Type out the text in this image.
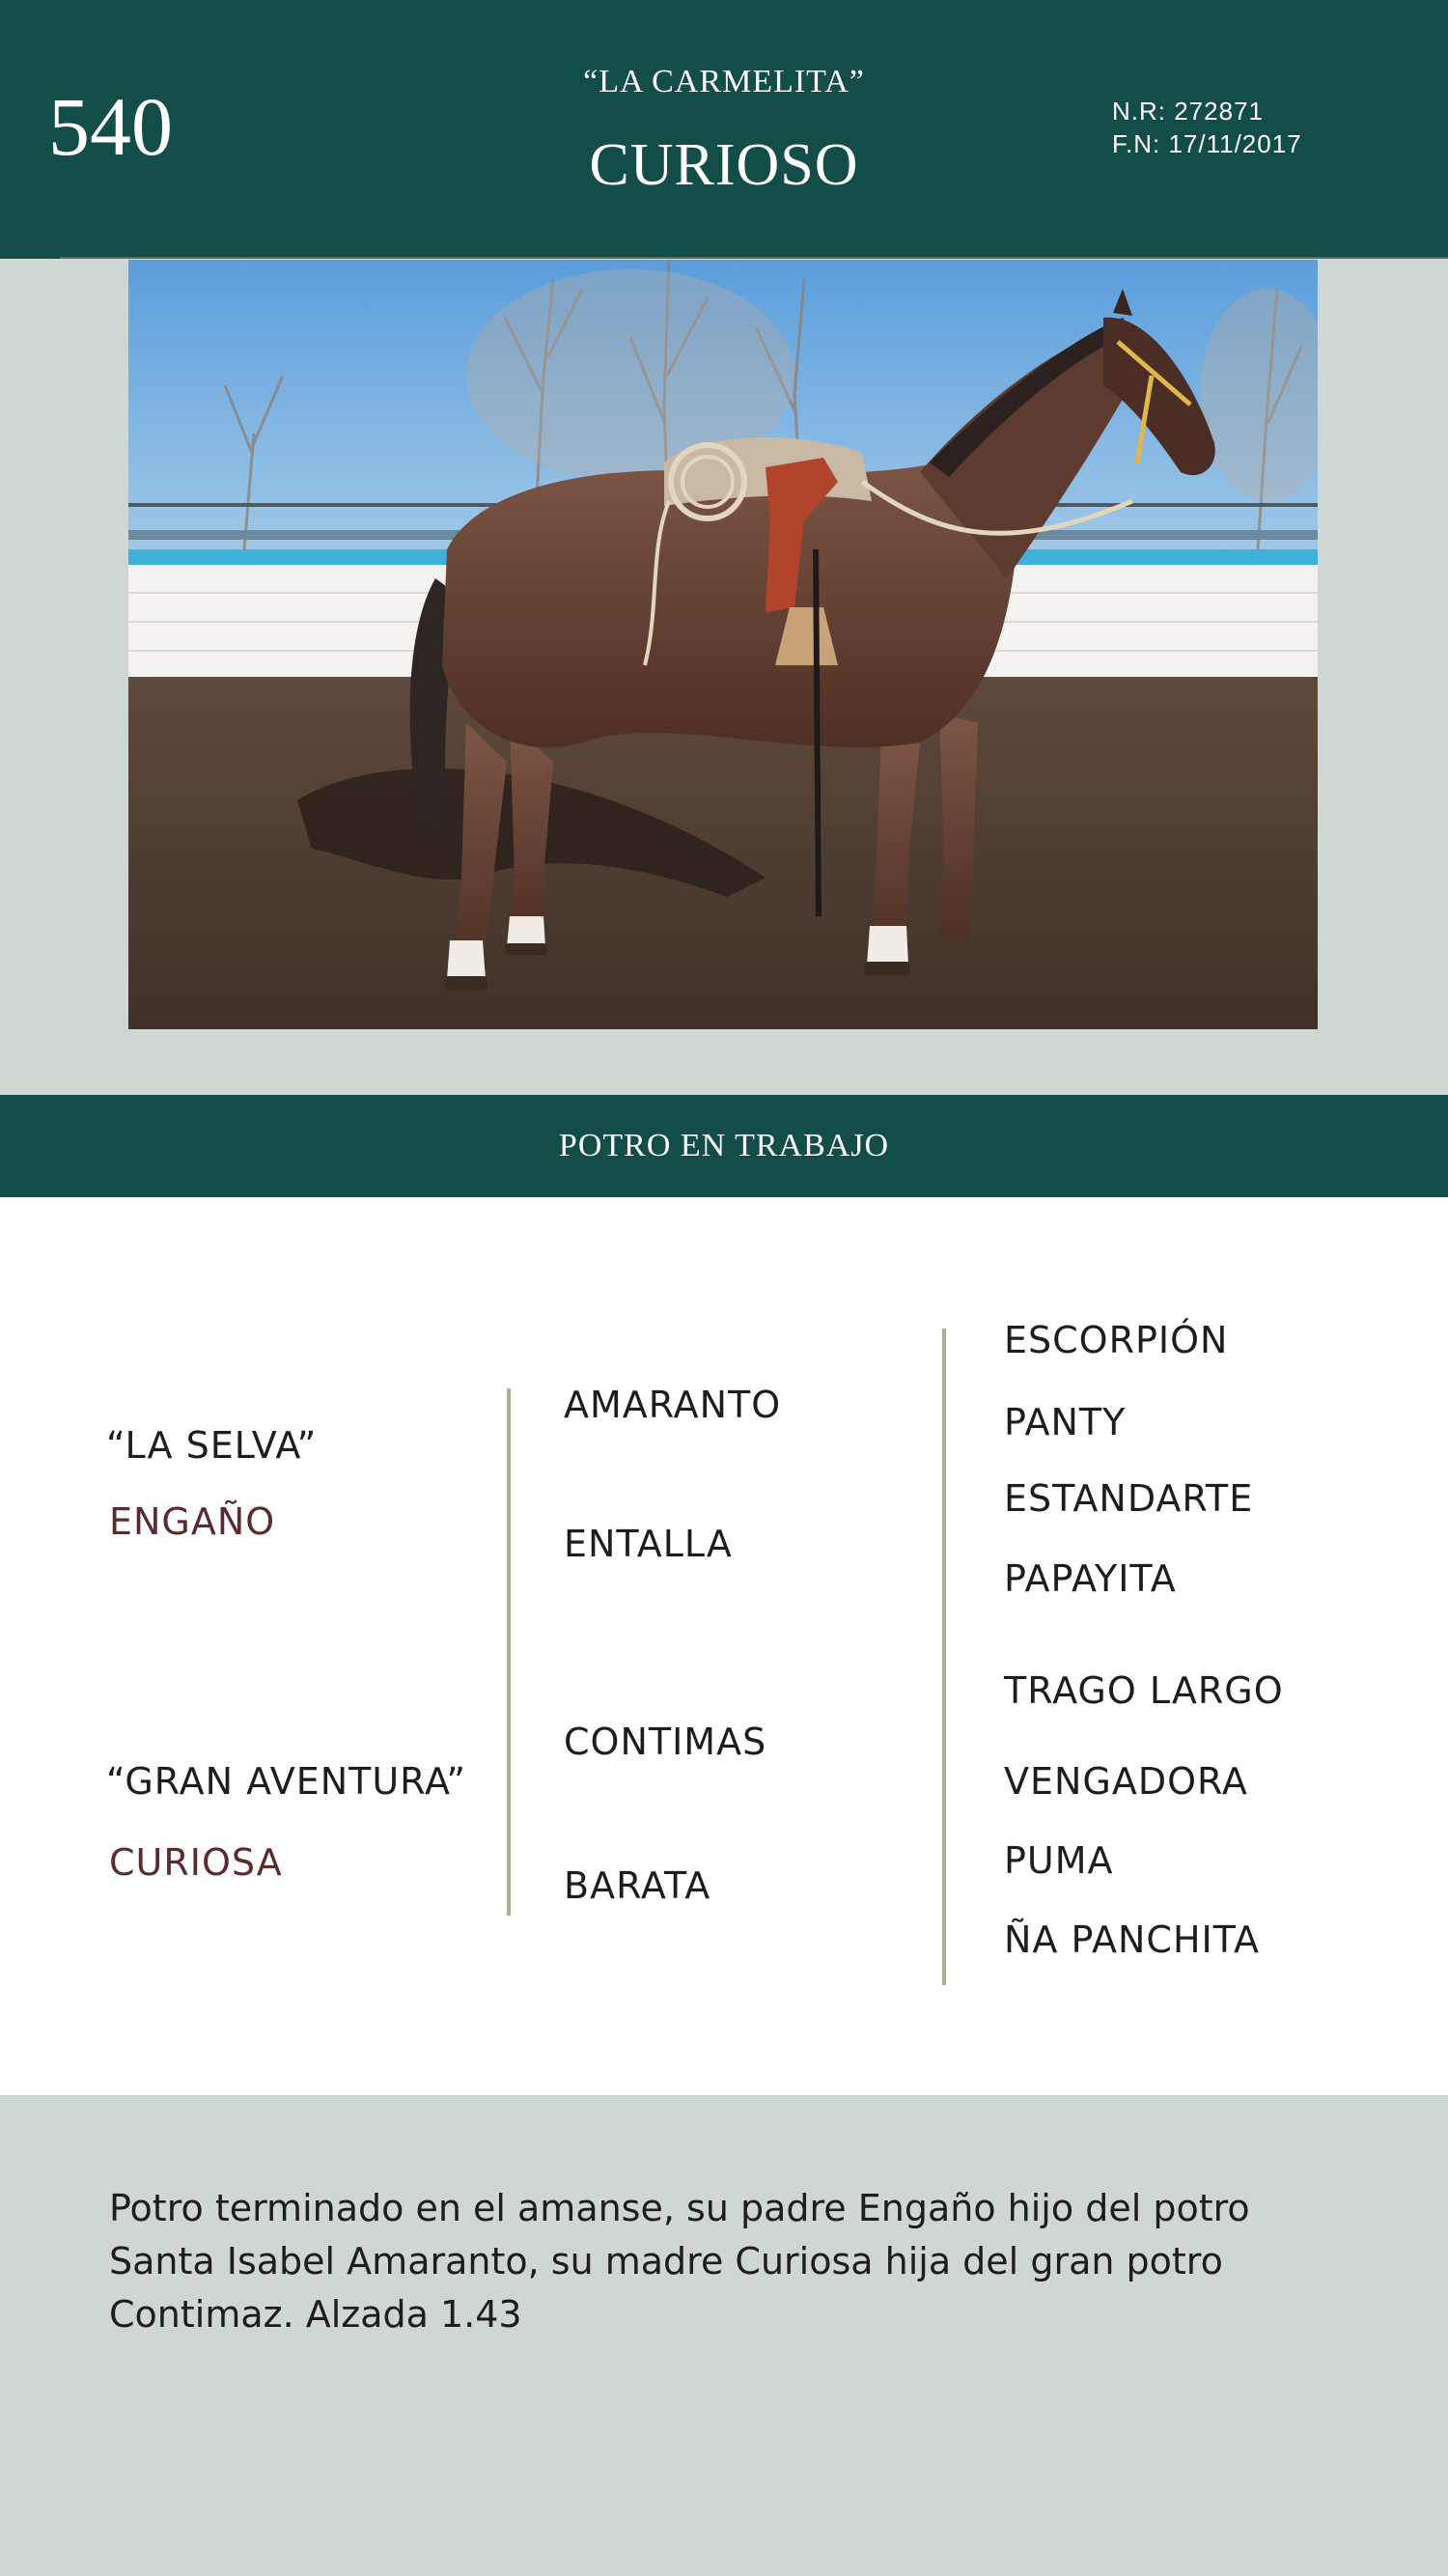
540	“LA CARMELITA”
CURIOSO
N.R: 272871
F.N: 17/11/2017
POTRO EN TRABAJO
“LA SELVA”
ENGAÑO
“GRAN AVENTURA”
CURIOSA
AMARANTO
ENTALLA
CONTIMAS
BARATA
ESCORPIÓN
PANTY
ESTANDARTE
PAPAYITA
TRAGO LARGO
VENGADORA
PUMA
ÑA PANCHITA
Potro terminado en el amanse, su padre Engaño hijo del potro Santa Isabel Amaranto, su madre Curiosa hija del gran potro Contimaz. Alzada 1.43
